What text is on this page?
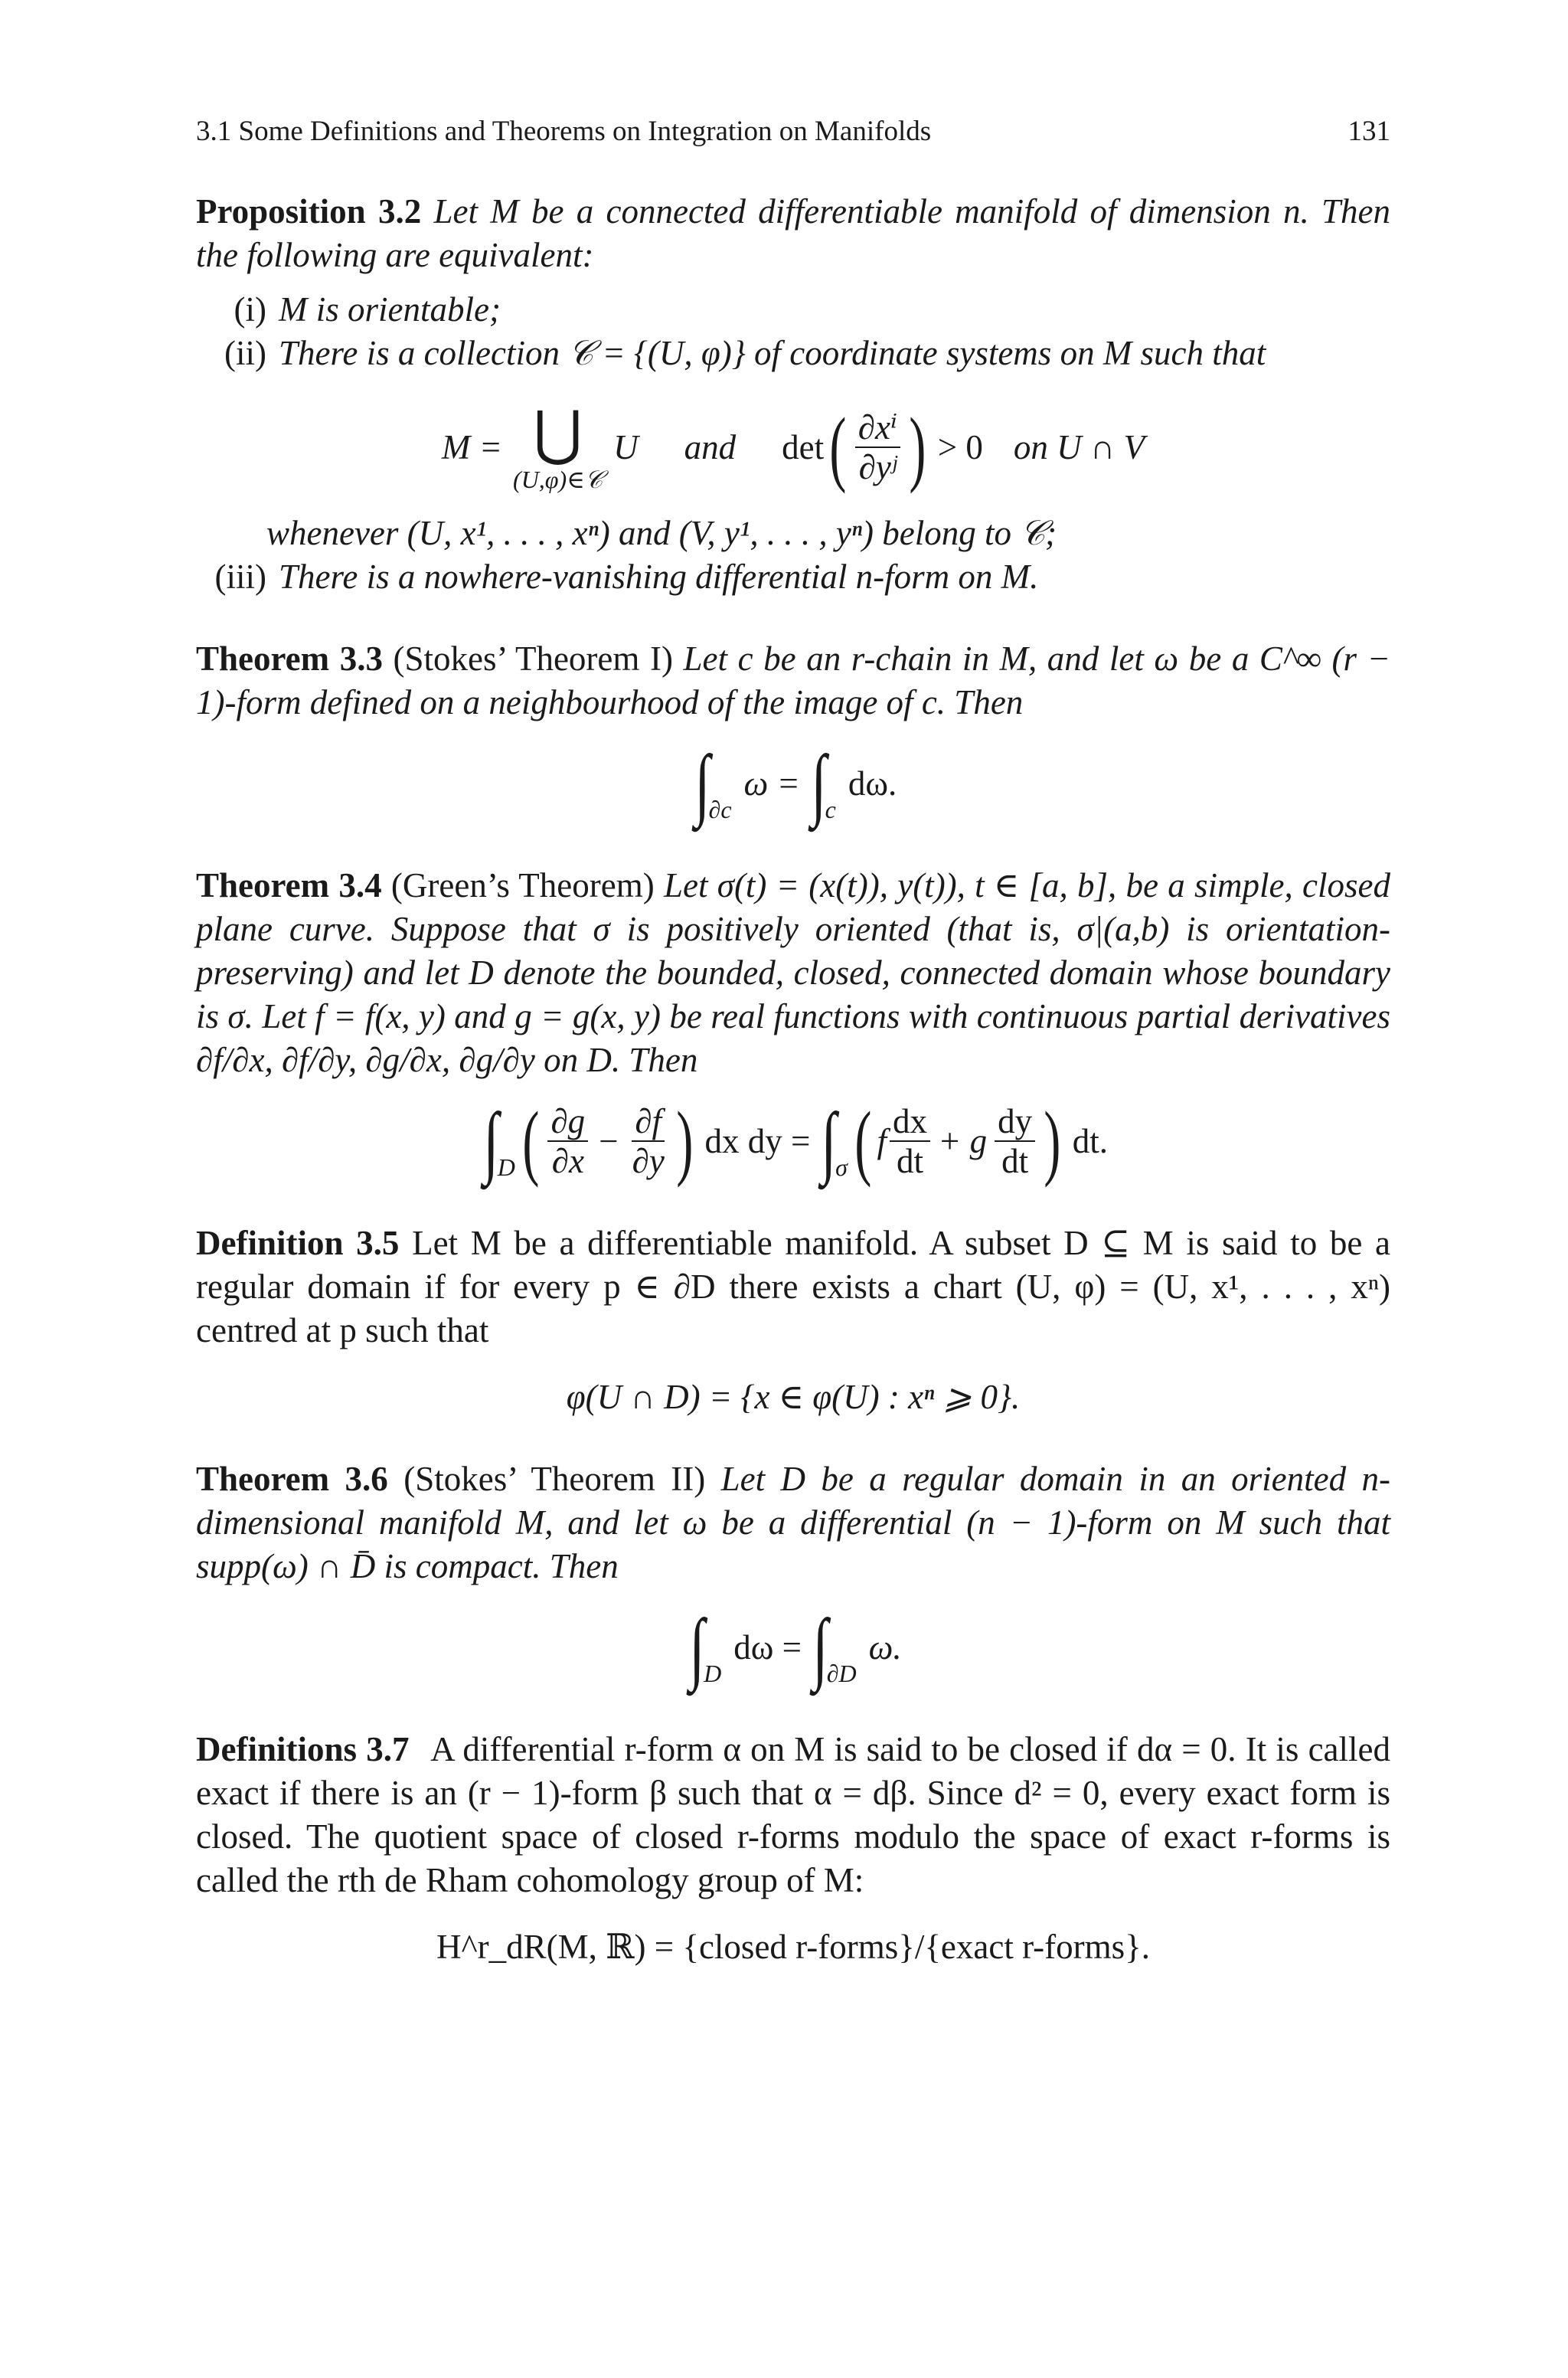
3.1 Some Definitions and Theorems on Integration on Manifolds	131
Proposition 3.2 Let M be a connected differentiable manifold of dimension n. Then the following are equivalent:
(i) M is orientable;
(ii) There is a collection 𝒞 = {(U, φ)} of coordinate systems on M such that
M = ⋃
(U,φ)∈𝒞
U and det ( $\frac{\text{∂xⁱ}}{\text{∂yʲ}}$ ) > 0 on U ∩ V
whenever (U, x¹, . . . , xⁿ) and (V, y¹, . . . , yⁿ) belong to 𝒞;
(iii) There is a nowhere-vanishing differential n-form on M.
Theorem 3.3 (Stokes’ Theorem I) Let c be an r-chain in M, and let ω be a C^∞ (r − 1)-form defined on a neighbourhood of the image of c. Then
∫
∂c
ω = ∫
c
dω.
Theorem 3.4 (Green’s Theorem) Let σ(t) = (x(t)), y(t)), t ∈ [a, b], be a simple, closed plane curve. Suppose that σ is positively oriented (that is, σ|(a,b) is orientation-preserving) and let D denote the bounded, closed, connected domain whose boundary is σ. Let f = f(x, y) and g = g(x, y) be real functions with continuous partial derivatives ∂f/∂x, ∂f/∂y, ∂g/∂x, ∂g/∂y on D. Then
∫
D ( $\frac{\partial g}{\partial x} - \frac{\partial f}{\partial y}$ ) dx dy = ∫
σ ( f $\frac{dx}{dt} + g \frac{dy}{dt}$ ) dt.
Definition 3.5 Let M be a differentiable manifold. A subset D ⊆ M is said to be a regular domain if for every p ∈ ∂D there exists a chart (U, φ) = (U, x¹, . . . , xⁿ) centred at p such that
φ(U ∩ D) = {x ∈ φ(U) : xⁿ ⩾ 0}.
Theorem 3.6 (Stokes’ Theorem II) Let D be a regular domain in an oriented n-dimensional manifold M, and let ω be a differential (n − 1)-form on M such that supp(ω) ∩ D̄ is compact. Then
∫
D
dω = ∫
∂D
ω.
Definitions 3.7 A differential r-form α on M is said to be closed if dα = 0. It is called exact if there is an (r − 1)-form β such that α = dβ. Since d² = 0, every exact form is closed. The quotient space of closed r-forms modulo the space of exact r-forms is called the rth de Rham cohomology group of M:
H^r_dR(M, ℝ) = {closed r-forms}/{exact r-forms}.
